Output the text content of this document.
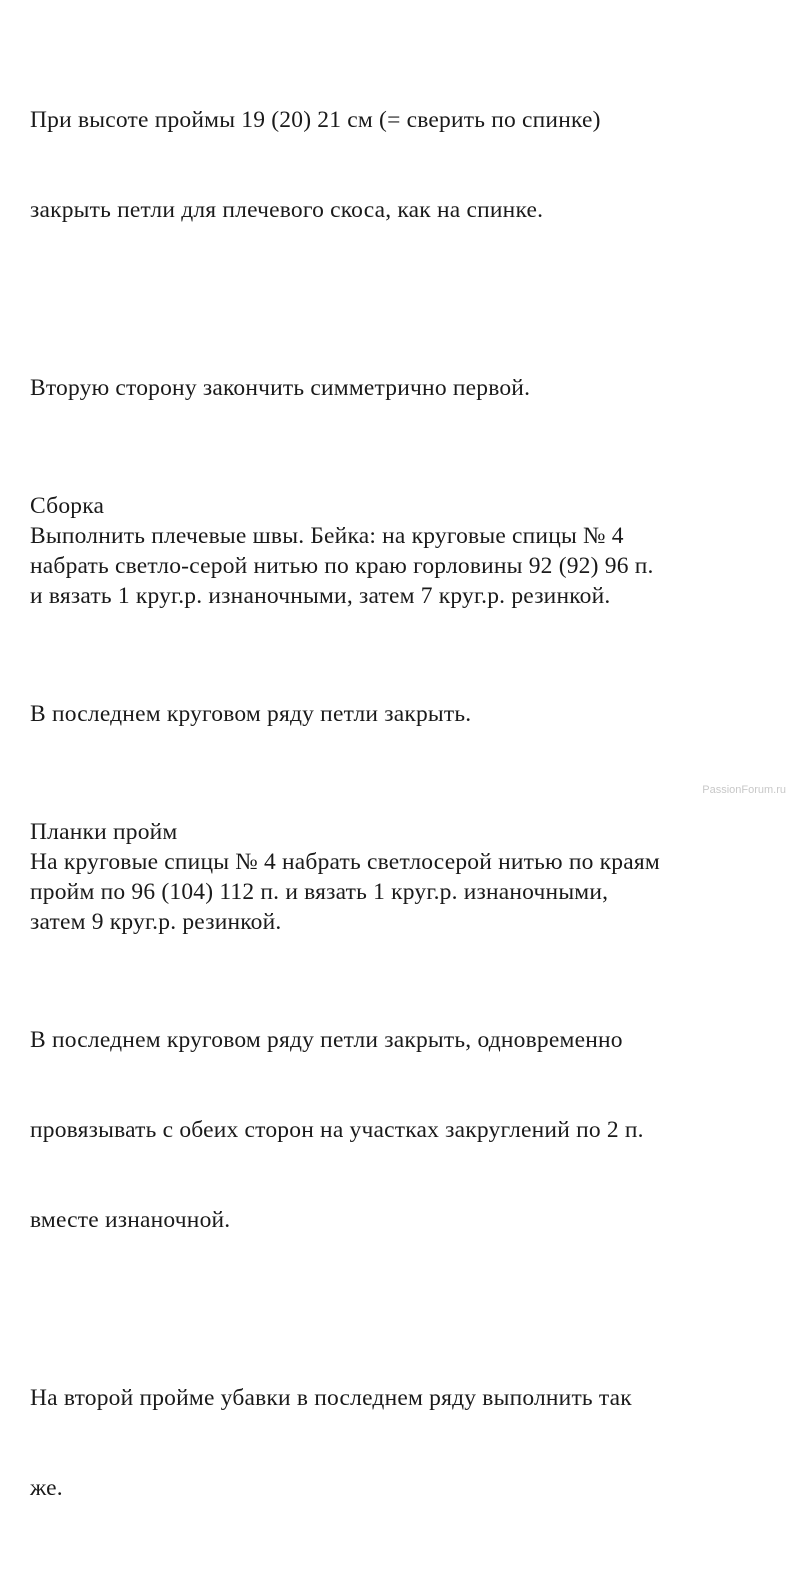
При высоте проймы 19 (20) 21 см (= сверить по спинке)

закрыть петли для плечевого скоса, как на спинке.

Вторую сторону закончить симметрично первой.

Сборка
Выполнить плечевые швы. Бейка: на круговые спицы № 4
набрать светло-серой нитью по краю горловины 92 (92) 96 п.
и вязать 1 круг.р. изнаночными, затем 7 круг.р. резинкой.

В последнем круговом ряду петли закрыть.

Планки пройм
На круговые спицы № 4 набрать светлосерой нитью по краям
пройм по 96 (104) 112 п. и вязать 1 круг.р. изнаночными,
затем 9 круг.р. резинкой.

В последнем круговом ряду петли закрыть, одновременно

провязывать с обеих сторон на участках закруглений по 2 п.

вместе изнаночной.

На второй пройме убавки в последнем ряду выполнить так

же.

PassionForum.ru
